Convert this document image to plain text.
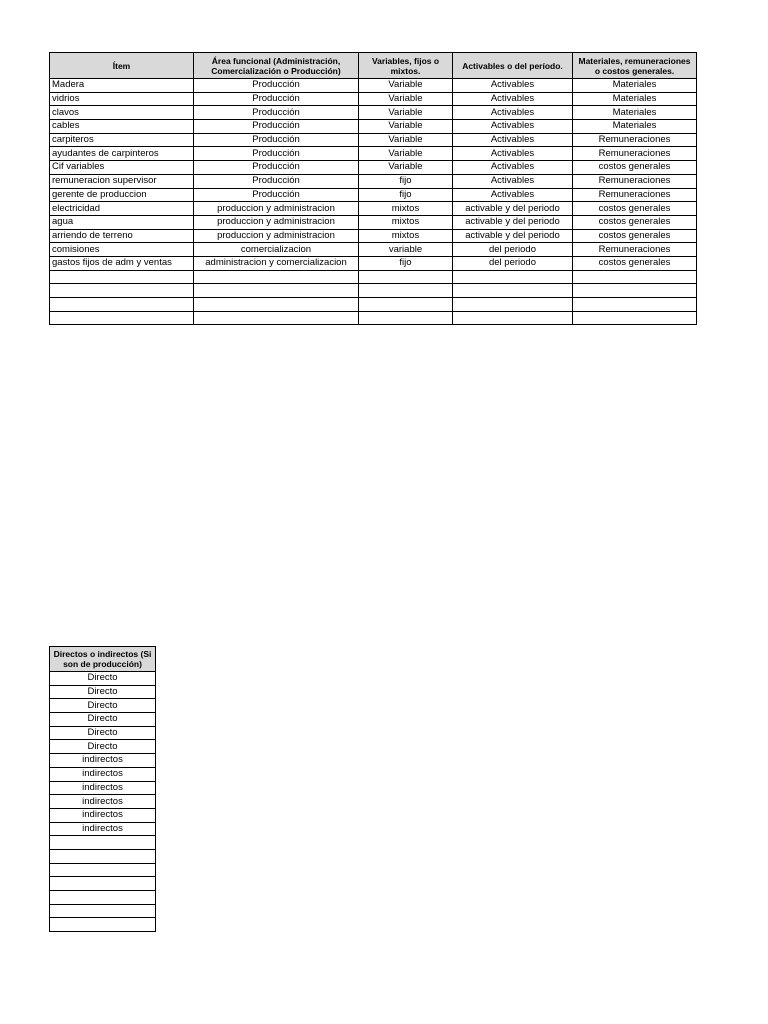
Ítem	Área funcional (Administración, Comercialización o Producción)	Variables, fijos o mixtos.	Activables o del período.	Materiales, remuneraciones o costos generales.
Madera	Producción	Variable	Activables	Materiales
vidrios	Producción	Variable	Activables	Materiales
clavos	Producción	Variable	Activables	Materiales
cables	Producción	Variable	Activables	Materiales
carpiteros	Producción	Variable	Activables	Remuneraciones
ayudantes de carpinteros	Producción	Variable	Activables	Remuneraciones
Cif variables	Producción	Variable	Activables	costos generales
remuneracion supervisor	Producción	fijo	Activables	Remuneraciones
gerente de produccion	Producción	fijo	Activables	Remuneraciones
electricidad	produccion y administracion	mixtos	activable y del periodo	costos generales
agua	produccion y administracion	mixtos	activable y del periodo	costos generales
arriendo de terreno	produccion y administracion	mixtos	activable y del periodo	costos generales
comisiones	comercializacion	variable	del periodo	Remuneraciones
gastos fijos de adm y ventas	administracion y comercializacion	fijo	del periodo	costos generales

Directos o indirectos (Si son de producción)
Directo
Directo
Directo
Directo
Directo
Directo
indirectos
indirectos
indirectos
indirectos
indirectos
indirectos
